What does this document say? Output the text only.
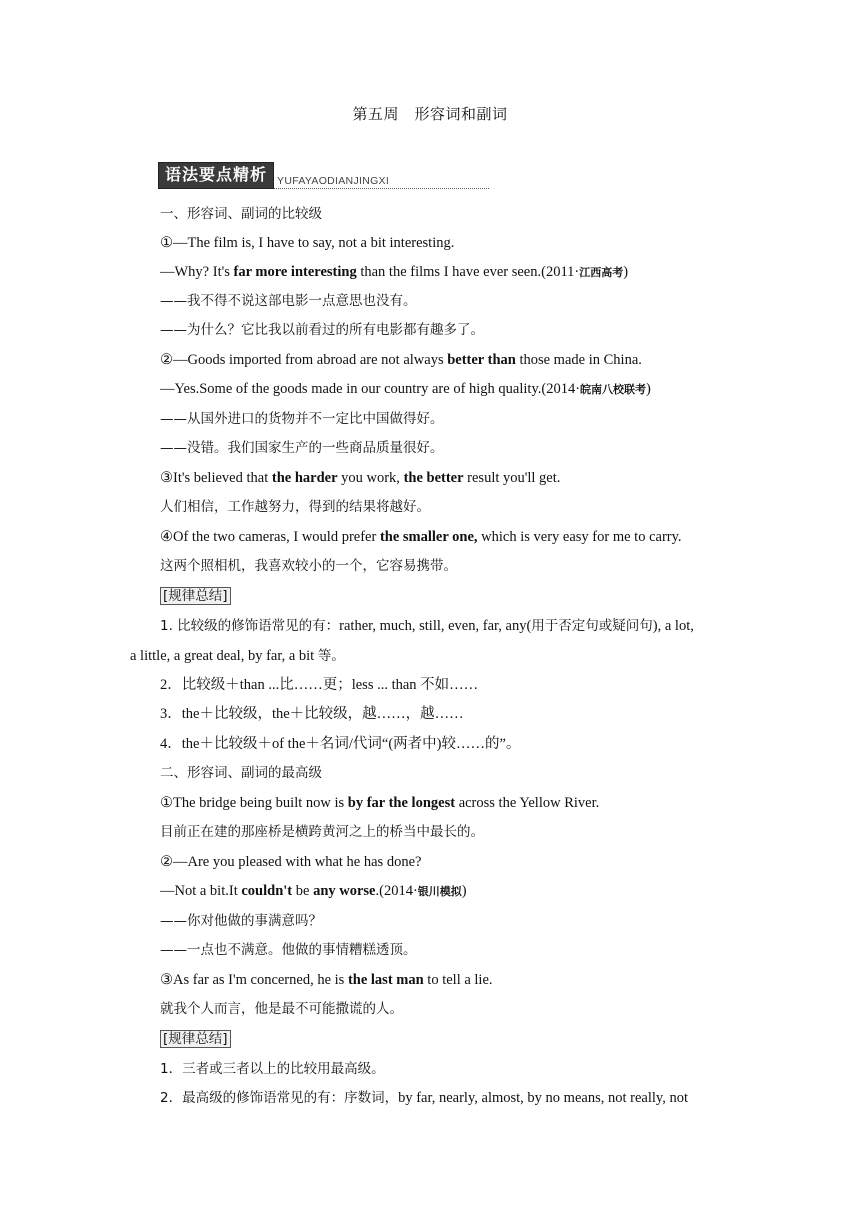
第五周　形容词和副词
语法要点精析 YUFAYAODIANJINGXI
一、形容词、副词的比较级
①—The film is, I have to say, not a bit interesting.
—Why? It's far more interesting than the films I have ever seen.(2011·江西高考)
——我不得不说这部电影一点意思也没有。
——为什么？它比我以前看过的所有电影都有趣多了。
②—Goods imported from abroad are not always better than those made in China.
—Yes.Some of the goods made in our country are of high quality.(2014·皖南八校联考)
——从国外进口的货物并不一定比中国做得好。
——没错。我们国家生产的一些商品质量很好。
③It's believed that the harder you work, the better result you'll get.
人们相信，工作越努力，得到的结果将越好。
④Of the two cameras, I would prefer the smaller one, which is very easy for me to carry.
这两个照相机，我喜欢较小的一个，它容易携带。
[规律总结]
1. 比较级的修饰语常见的有：rather, much, still, even, far, any(用于否定句或疑问句), a lot,
a little, a great deal, by far, a bit 等。
2．比较级＋than ...比……更；less ... than 不如……
3．the＋比较级，the＋比较级，越……，越……
4．the＋比较级＋of the＋名词/代词“(两者中)较……的”。
二、形容词、副词的最高级
①The bridge being built now is by far the longest across the Yellow River.
目前正在建的那座桥是横跨黄河之上的桥当中最长的。
②—Are you pleased with what he has done?
—Not a bit.It couldn't be any worse.(2014·银川模拟)
——你对他做的事满意吗？
——一点也不满意。他做的事情糟糕透顶。
③As far as I'm concerned, he is the last man to tell a lie.
就我个人而言，他是最不可能撒谎的人。
[规律总结]
1．三者或三者以上的比较用最高级。
2．最高级的修饰语常见的有：序数词，by far, nearly, almost, by no means, not really, not
